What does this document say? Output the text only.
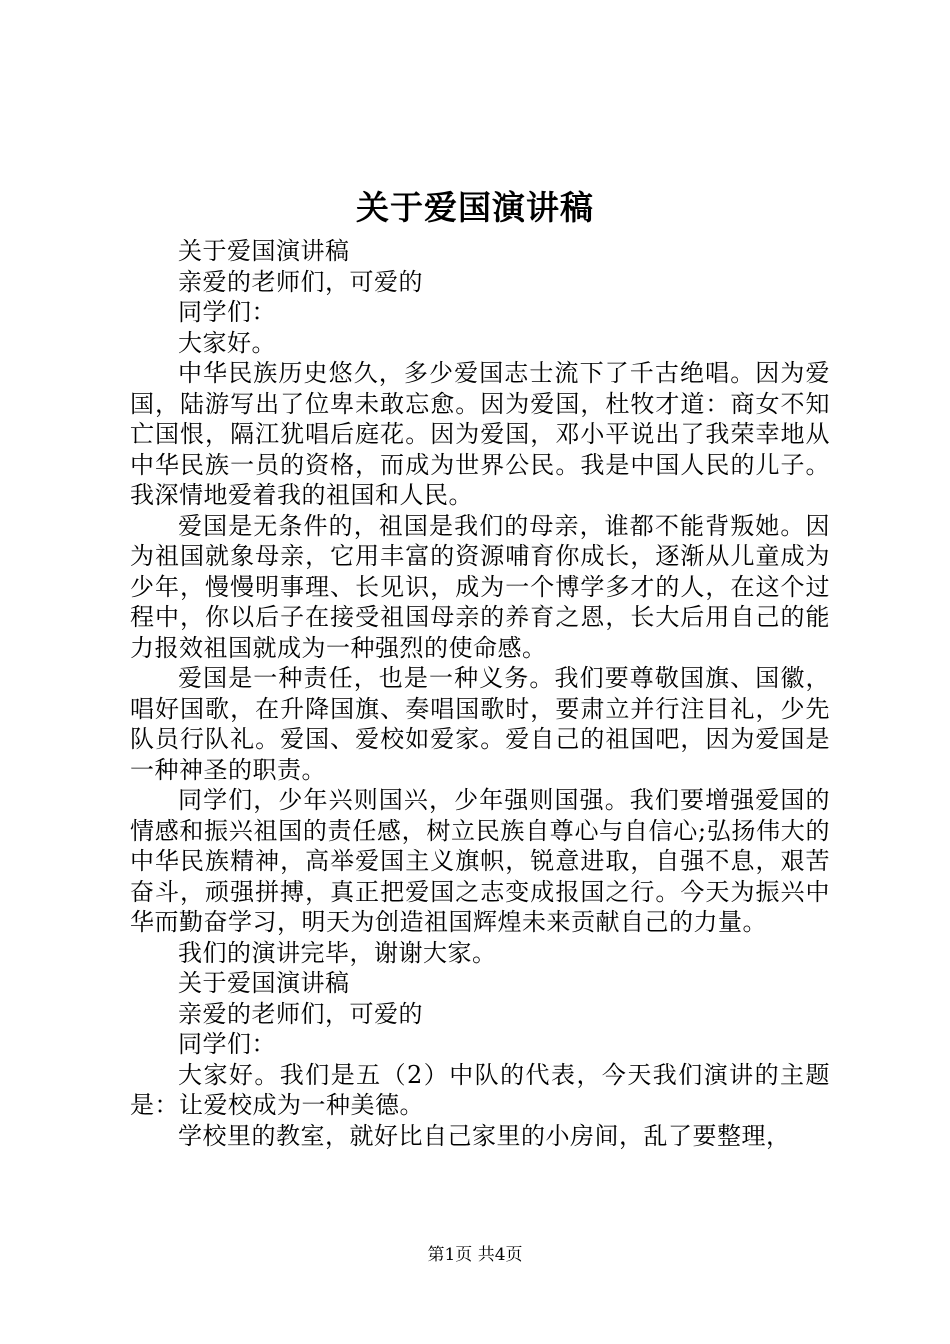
关于爱国演讲稿

关于爱国演讲稿

亲爱的老师们，可爱的

同学们：

大家好。

中华民族历史悠久，多少爱国志士流下了千古绝唱。因为爱国，陆游写出了位卑未敢忘愈。因为爱国，杜牧才道：商女不知亡国恨，隔江犹唱后庭花。因为爱国，邓小平说出了我荣幸地从中华民族一员的资格，而成为世界公民。我是中国人民的儿子。我深情地爱着我的祖国和人民。

爱国是无条件的，祖国是我们的母亲，谁都不能背叛她。因为祖国就象母亲，它用丰富的资源哺育你成长，逐渐从儿童成为少年，慢慢明事理、长见识，成为一个博学多才的人，在这个过程中，你以后子在接受祖国母亲的养育之恩，长大后用自己的能力报效祖国就成为一种强烈的使命感。

爱国是一种责任，也是一种义务。我们要尊敬国旗、国徽，唱好国歌，在升降国旗、奏唱国歌时，要肃立并行注目礼，少先队员行队礼。爱国、爱校如爱家。爱自己的祖国吧，因为爱国是一种神圣的职责。

同学们，少年兴则国兴，少年强则国强。我们要增强爱国的情感和振兴祖国的责任感，树立民族自尊心与自信心;弘扬伟大的中华民族精神，高举爱国主义旗帜，锐意进取，自强不息，艰苦奋斗，顽强拼搏，真正把爱国之志变成报国之行。今天为振兴中华而勤奋学习，明天为创造祖国辉煌未来贡献自己的力量。

我们的演讲完毕，谢谢大家。

关于爱国演讲稿

亲爱的老师们，可爱的

同学们：

大家好。我们是五（2）中队的代表，今天我们演讲的主题是：让爱校成为一种美德。

学校里的教室，就好比自己家里的小房间，乱了要整理，

第1页 共4页
